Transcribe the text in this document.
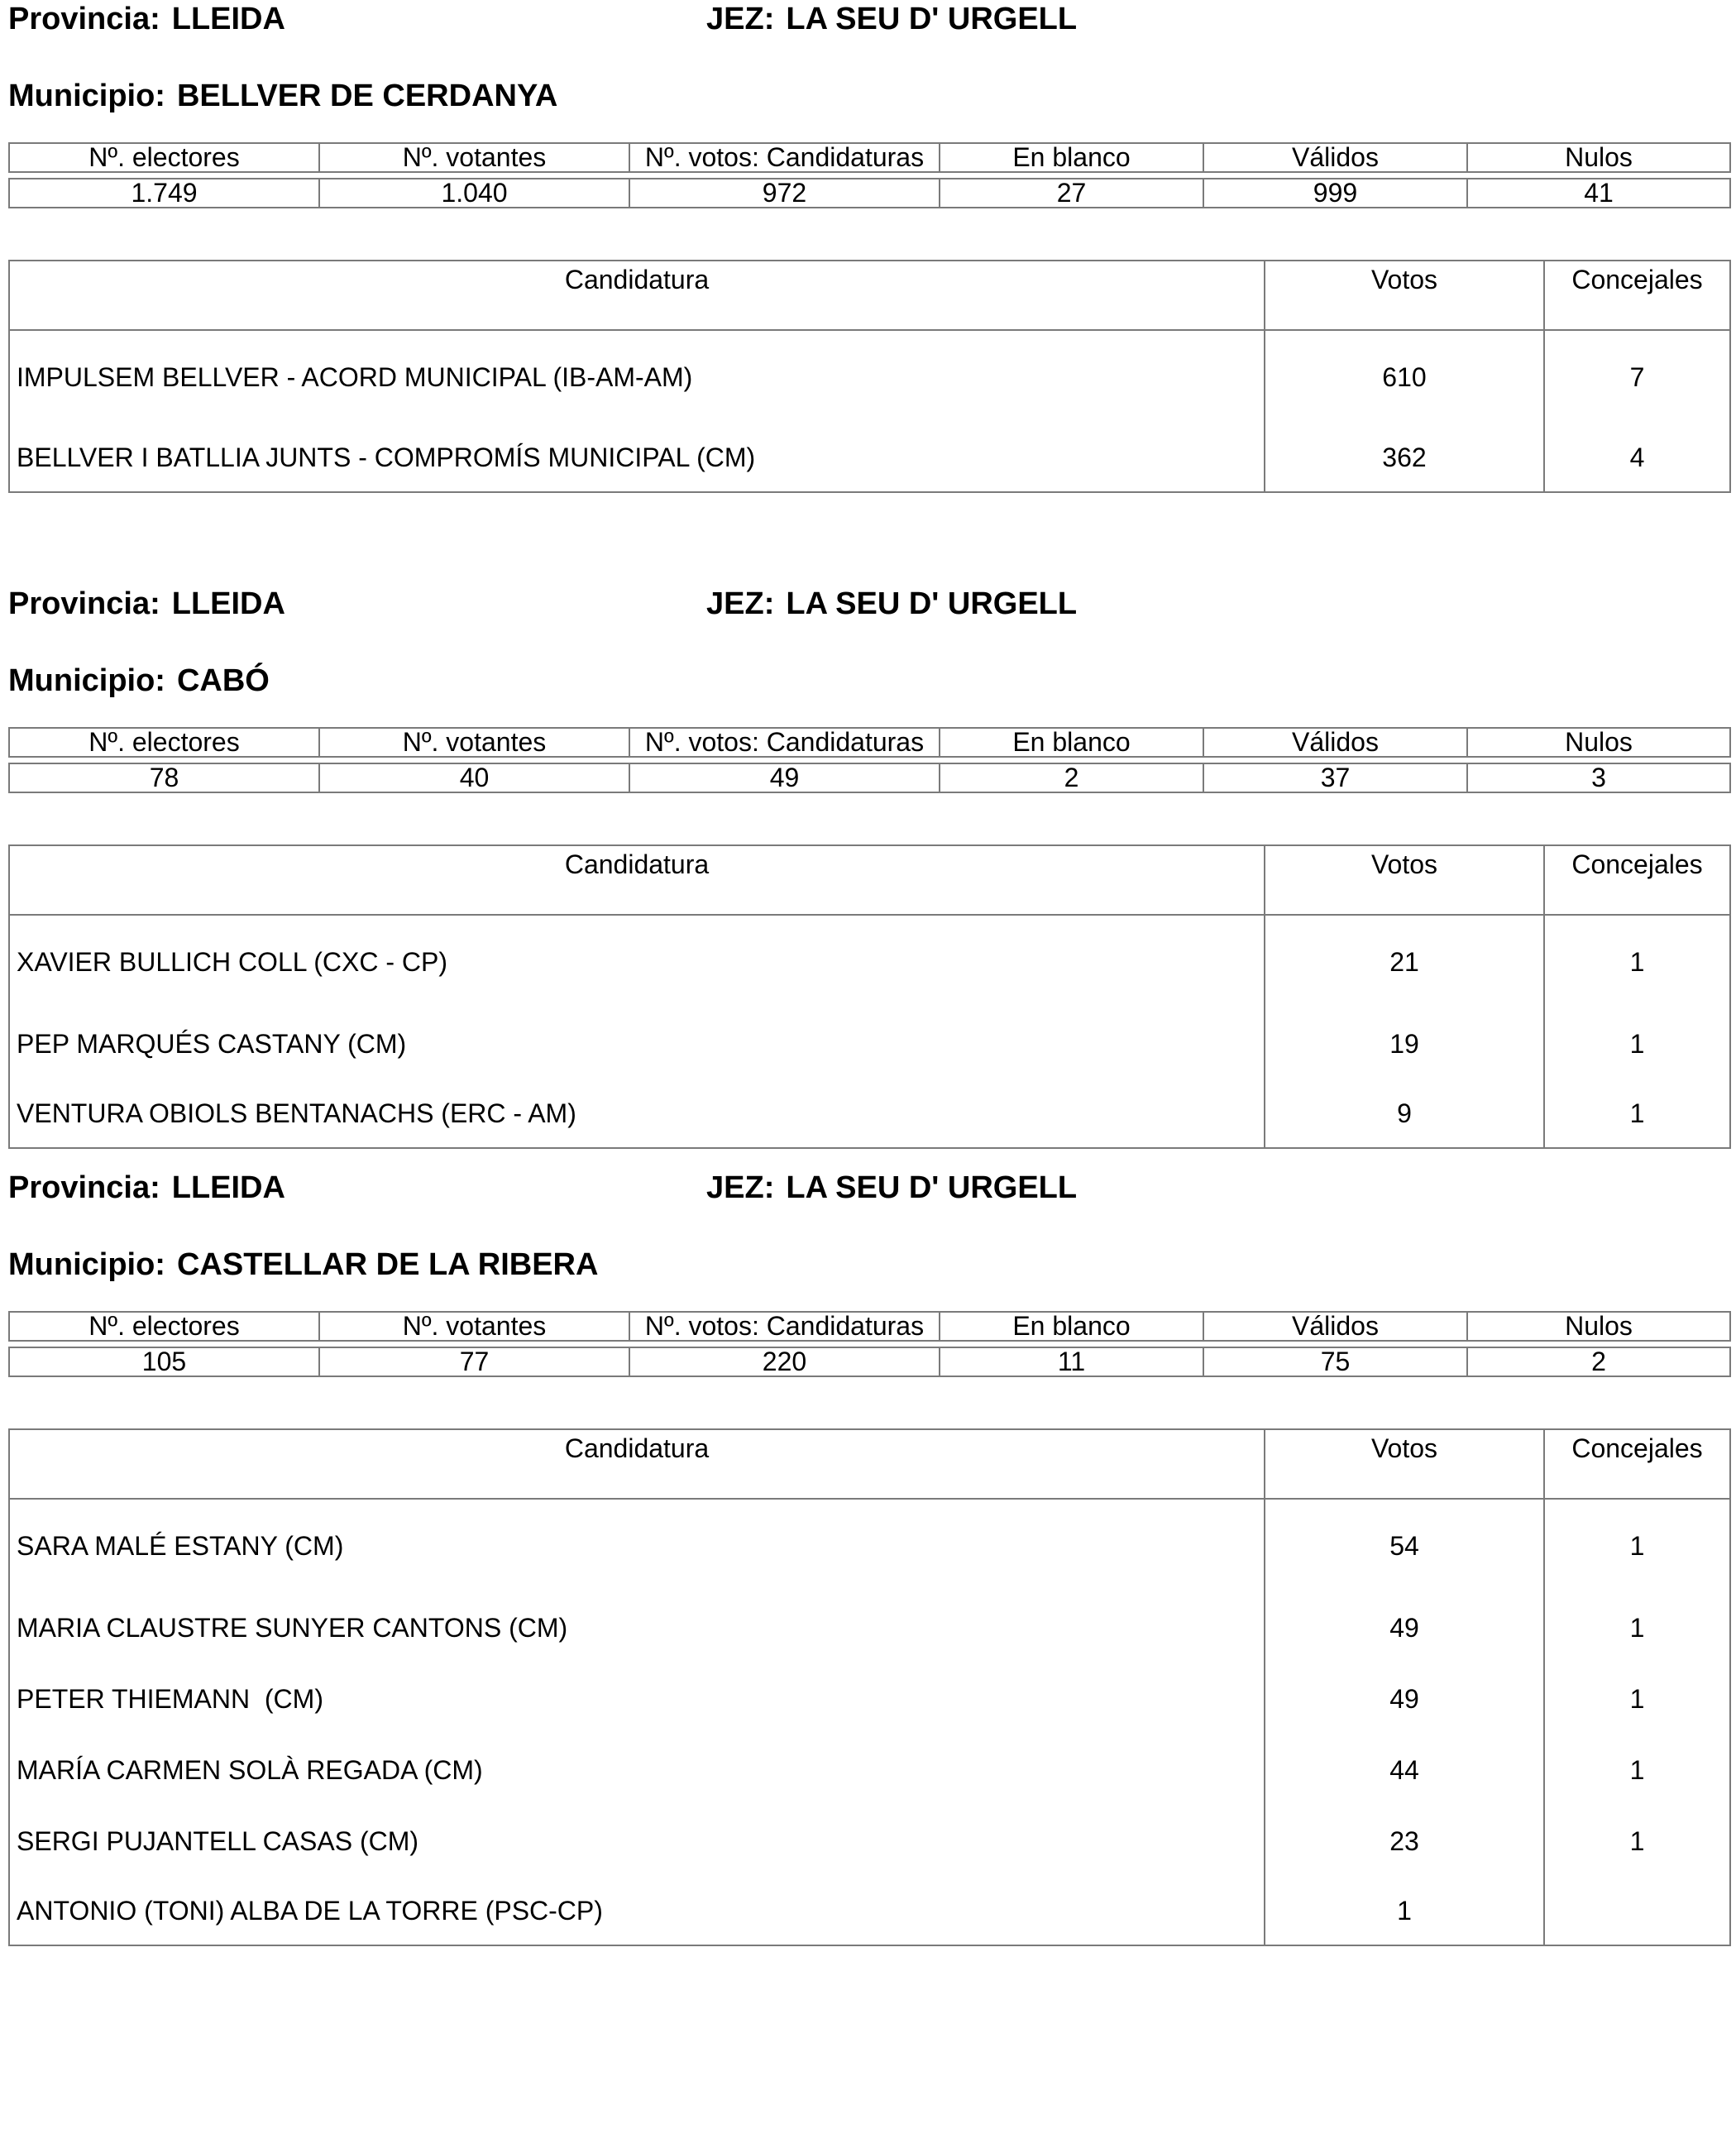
Provincia: LLEIDA	JEZ: LA SEU D' URGELL
Municipio: BELLVER DE CERDANYA
Nº. electores	Nº. votantes	Nº. votos: Candidaturas	En blanco	Válidos	Nulos

1.749	1.040	972	27	999	41
Candidatura	Votos	Concejales
IMPULSEM BELLVER - ACORD MUNICIPAL (IB-AM-AM)	610	7
BELLVER I BATLLIA JUNTS - COMPROMÍS MUNICIPAL (CM)	362	4
Provincia: LLEIDA	JEZ: LA SEU D' URGELL
Municipio: CABÓ
Nº. electores	Nº. votantes	Nº. votos: Candidaturas	En blanco	Válidos	Nulos

78	40	49	2	37	3
Candidatura	Votos	Concejales
XAVIER BULLICH COLL (CXC - CP)	21	1
PEP MARQUÉS CASTANY (CM)	19	1
VENTURA OBIOLS BENTANACHS (ERC - AM)	9	1
Provincia: LLEIDA	JEZ: LA SEU D' URGELL
Municipio: CASTELLAR DE LA RIBERA
Nº. electores	Nº. votantes	Nº. votos: Candidaturas	En blanco	Válidos	Nulos

105	77	220	11	75	2
Candidatura	Votos	Concejales
SARA MALÉ ESTANY (CM)	54	1
MARIA CLAUSTRE SUNYER CANTONS (CM)	49	1
PETER THIEMANN  (CM)	49	1
MARÍA CARMEN SOLÀ REGADA (CM)	44	1
SERGI PUJANTELL CASAS (CM)	23	1
ANTONIO (TONI) ALBA DE LA TORRE (PSC-CP)	1	
